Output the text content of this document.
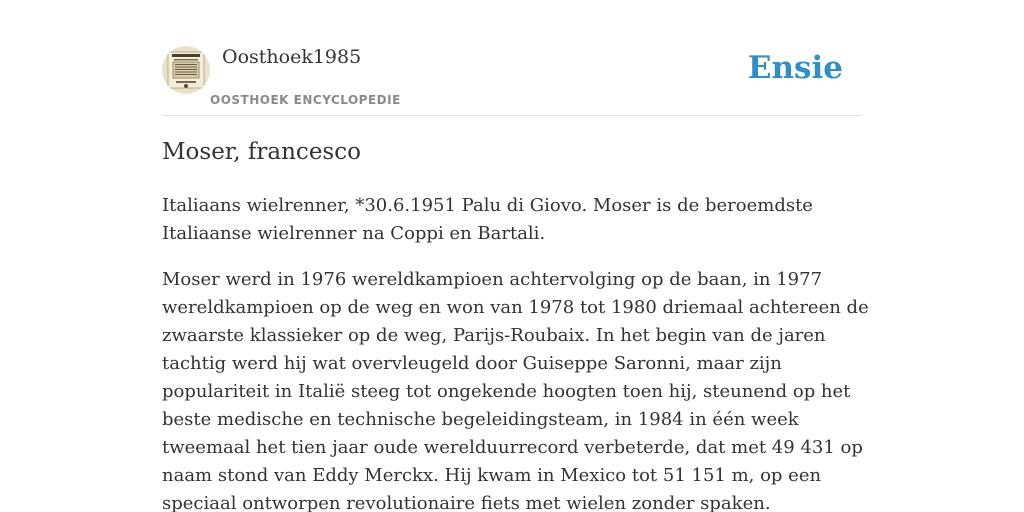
Oosthoek1985
OOSTHOEK ENCYCLOPEDIE
Ensie
Moser, francesco

Italiaans wielrenner, *30.6.1951 Palu di Giovo. Moser is de beroemdste Italiaanse wielrenner na Coppi en Bartali.

Moser werd in 1976 wereldkampioen achtervolging op de baan, in 1977 wereldkampioen op de weg en won van 1978 tot 1980 driemaal achtereen de zwaarste klassieker op de weg, Parijs-Roubaix. In het begin van de jaren tachtig werd hij wat overvleugeld door Guiseppe Saronni, maar zijn populariteit in Italië steeg tot ongekende hoogten toen hij, steunend op het beste medische en technische begeleidingsteam, in 1984 in één week tweemaal het tien jaar oude werelduurrecord verbeterde, dat met 49 431 op naam stond van Eddy Merckx. Hij kwam in Mexico tot 51 151 m, op een speciaal ontworpen revolutionaire fiets met wielen zonder spaken.
